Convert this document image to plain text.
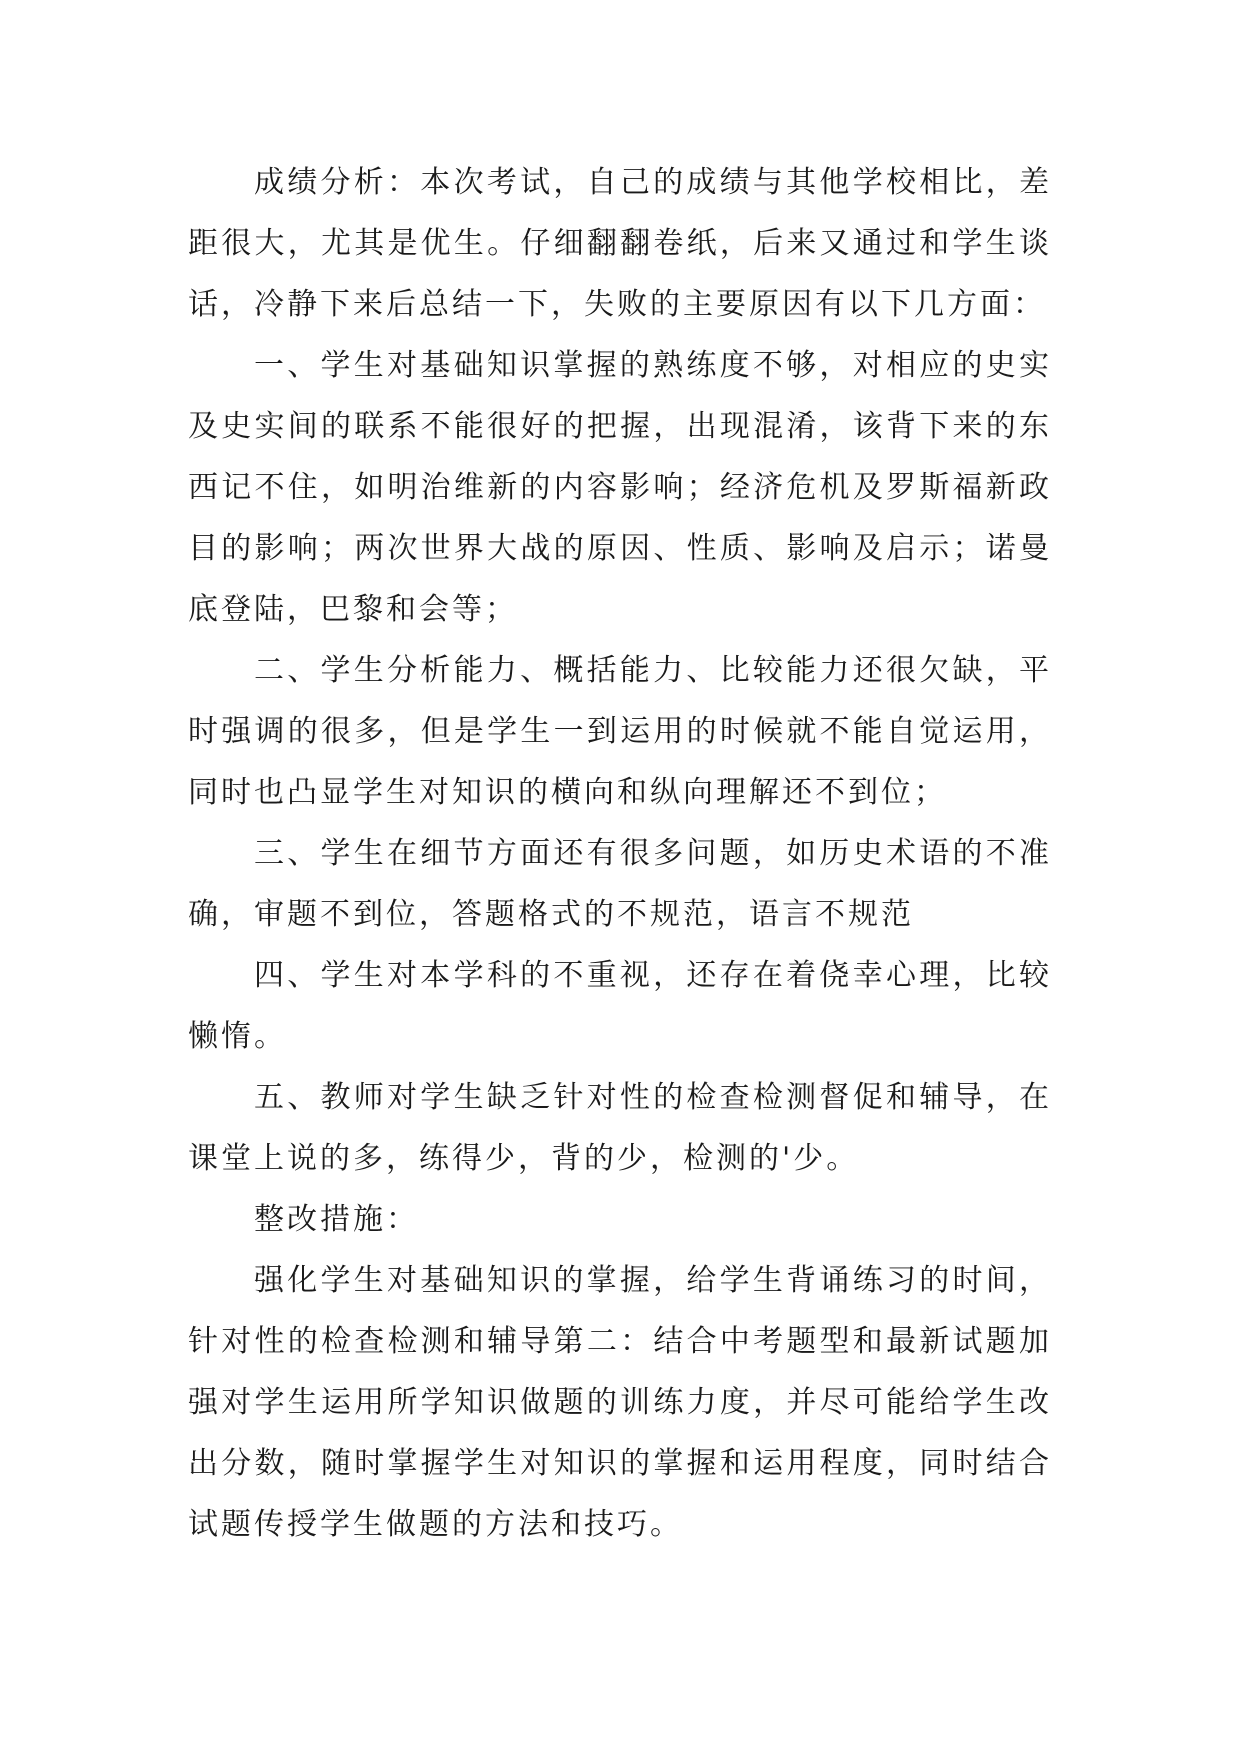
成绩分析：本次考试，自己的成绩与其他学校相比，差距很大，尤其是优生。仔细翻翻卷纸，后来又通过和学生谈话，冷静下来后总结一下，失败的主要原因有以下几方面：

一、学生对基础知识掌握的熟练度不够，对相应的史实及史实间的联系不能很好的把握，出现混淆，该背下来的东西记不住，如明治维新的内容影响；经济危机及罗斯福新政目的影响；两次世界大战的原因、性质、影响及启示；诺曼底登陆，巴黎和会等；

二、学生分析能力、概括能力、比较能力还很欠缺，平时强调的很多，但是学生一到运用的时候就不能自觉运用，同时也凸显学生对知识的横向和纵向理解还不到位；

三、学生在细节方面还有很多问题，如历史术语的不准确，审题不到位，答题格式的不规范，语言不规范

四、学生对本学科的不重视，还存在着侥幸心理，比较懒惰。

五、教师对学生缺乏针对性的检查检测督促和辅导，在课堂上说的多，练得少，背的少，检测的'少。

整改措施：

强化学生对基础知识的掌握，给学生背诵练习的时间，针对性的检查检测和辅导第二：结合中考题型和最新试题加强对学生运用所学知识做题的训练力度，并尽可能给学生改出分数，随时掌握学生对知识的掌握和运用程度，同时结合试题传授学生做题的方法和技巧。
